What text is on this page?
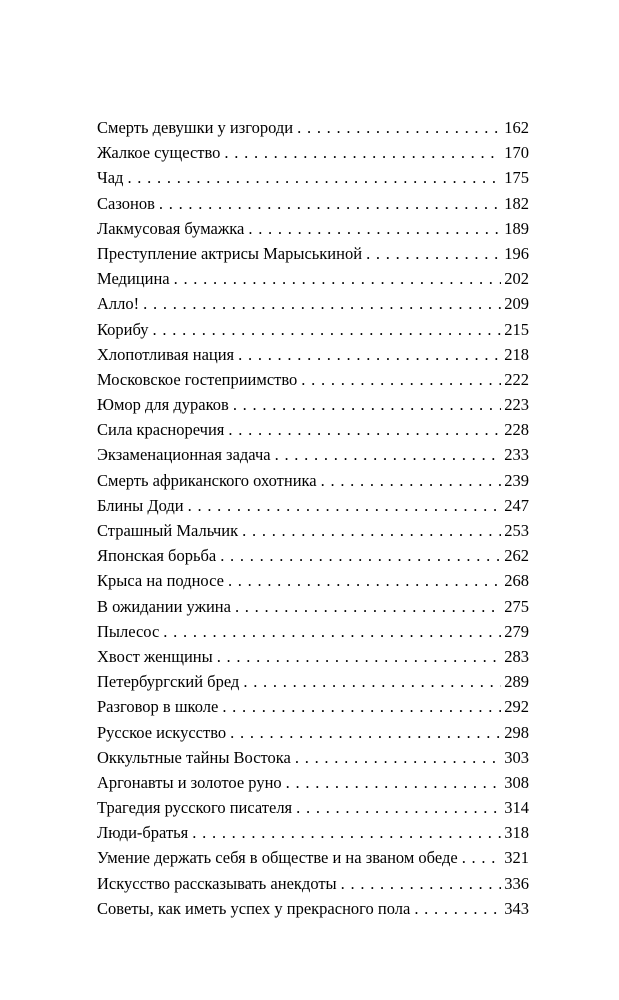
Смерть девушки у изгороди . . .	162
Жалкое существо . . .	170
Чад . . .	175
Сазонов . . .	182
Лакмусовая бумажка . . .	189
Преступление актрисы Марыськиной . . .	196
Медицина . . .	202
Алло! . . .	209
Корибу . . .	215
Хлопотливая нация . . .	218
Московское гостеприимство . . .	222
Юмор для дураков . . .	223
Сила красноречия . . .	228
Экзаменационная задача . . .	233
Смерть африканского охотника . . .	239
Блины Доди . . .	247
Страшный Мальчик . . .	253
Японская борьба . . .	262
Крыса на подносе . . .	268
В ожидании ужина . . .	275
Пылесос . . .	279
Хвост женщины . . .	283
Петербургский бред . . .	289
Разговор в школе . . .	292
Русское искусство . . .	298
Оккультные тайны Востока . . .	303
Аргонавты и золотое руно . . .	308
Трагедия русского писателя . . .	314
Люди-братья . . .	318
Умение держать себя в обществе и на званом обеде . . .	321
Искусство рассказывать анекдоты . . .	336
Советы, как иметь успех у прекрасного пола . . .	343
